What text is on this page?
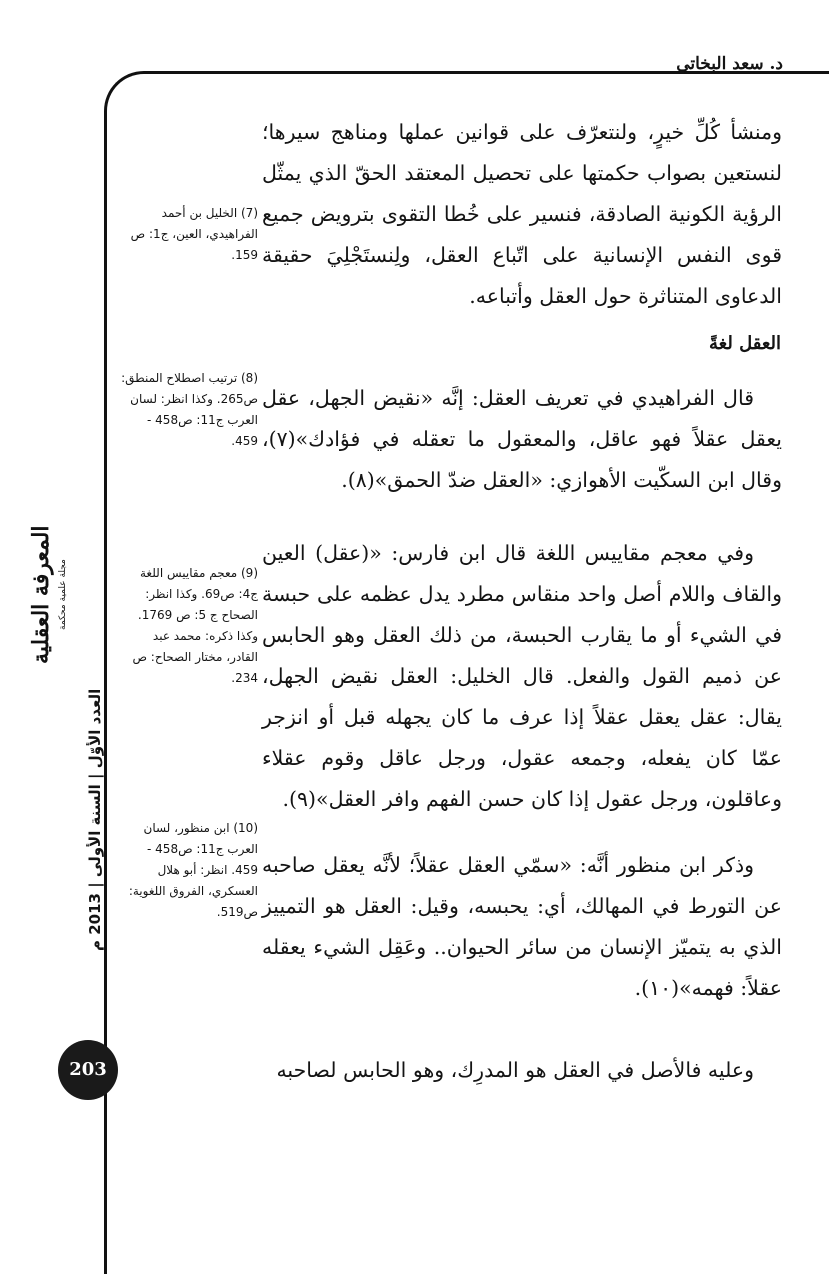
د. سعد البخاتي

ومنشأ كُلِّ خيرٍ، ولنتعرّف على قوانين عملها ومناهج سيرها؛ لنستعين بصواب حكمتها على تحصيل المعتقد الحقّ الذي يمثّل الرؤية الكونية الصادقة، فنسير على خُطا التقوى بترويض جميع قوى النفس الإنسانية على اتّباع العقل، ولِنستَجْلِيَ حقيقة الدعاوى المتناثرة حول العقل وأتباعه.

العقل لغةً

قال الفراهيدي في تعريف العقل: إنَّه «نقيض الجهل، عقل يعقل عقلاً فهو عاقل، والمعقول ما تعقله في فؤادك»(٧)، وقال ابن السكّيت الأهوازي: «العقل ضدّ الحمق»(٨).

وفي معجم مقاييس اللغة قال ابن فارس: «(عقل) العين والقاف واللام أصل واحد منقاس مطرد يدل عظمه على حبسة في الشيء أو ما يقارب الحبسة، من ذلك العقل وهو الحابس عن ذميم القول والفعل. قال الخليل: العقل نقيض الجهل، يقال: عقل يعقل عقلاً إذا عرف ما كان يجهله قبل أو انزجر عمّا كان يفعله، وجمعه عقول، ورجل عاقل وقوم عقلاء وعاقلون، ورجل عقول إذا كان حسن الفهم وافر العقل»(٩).

وذكر ابن منظور أنَّه: «سمّي العقل عقلاً؛ لأنَّه يعقل صاحبه عن التورط في المهالك، أي: يحبسه، وقيل: العقل هو التمييز الذي به يتميّز الإنسان من سائر الحيوان.. وعَقِل الشيء يعقله عقلاً: فهمه»(١٠).

وعليه فالأصل في العقل هو المدرِك، وهو الحابس لصاحبه

(7) الخليل بن أحمد الفراهيدي، العين، ج1: ص 159.
(8) ترتيب اصطلاح المنطق: ص265. وكذا انظر: لسان العرب ج11: ص458 - 459.
(9) معجم مقاييس اللغة ج4: ص69. وكذا انظر: الصحاح ج 5: ص 1769. وكذا ذكره: محمد عبد القادر، مختار الصحاح: ص 234.
(10) ابن منظور، لسان العرب ج11: ص458 - 459. انظر: أبو هلال العسكري، الفروق اللغوية: ص519.
المعرفة العقلية مجلة علمية محكمة
العدد الأوّل | السنة الأولى | 2013 م
203
